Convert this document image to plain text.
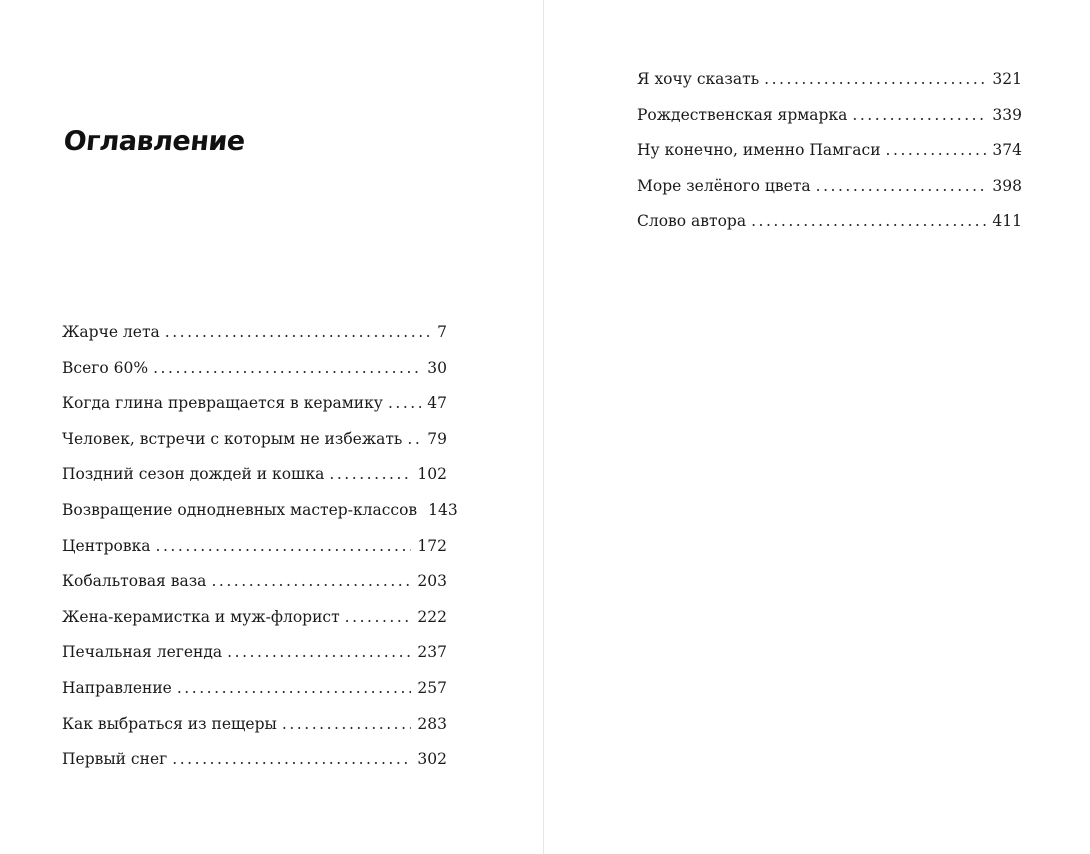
Оглавление
Жарче лета . . .	7
Всего 60% . . .	30
Когда глина превращается в керамику . . .	47
Человек, встречи с которым не избежать . . . 79
Поздний сезон дождей и кошка . . .	102
Возвращение однодневных мастер-классов 143
Центровка . . .	172
Кобальтовая ваза . . .	203
Жена-керамистка и муж-флорист . . .	222
Печальная легенда . . .	237
Направление . . .	257
Как выбраться из пещеры . . .	283
Первый снег . . .	302
Я хочу сказать . . .	321
Рождественская ярмарка . . .	339
Ну конечно, именно Памгаси . . .	374
Море зелёного цвета . . .	398
Слово автора . . .	411
